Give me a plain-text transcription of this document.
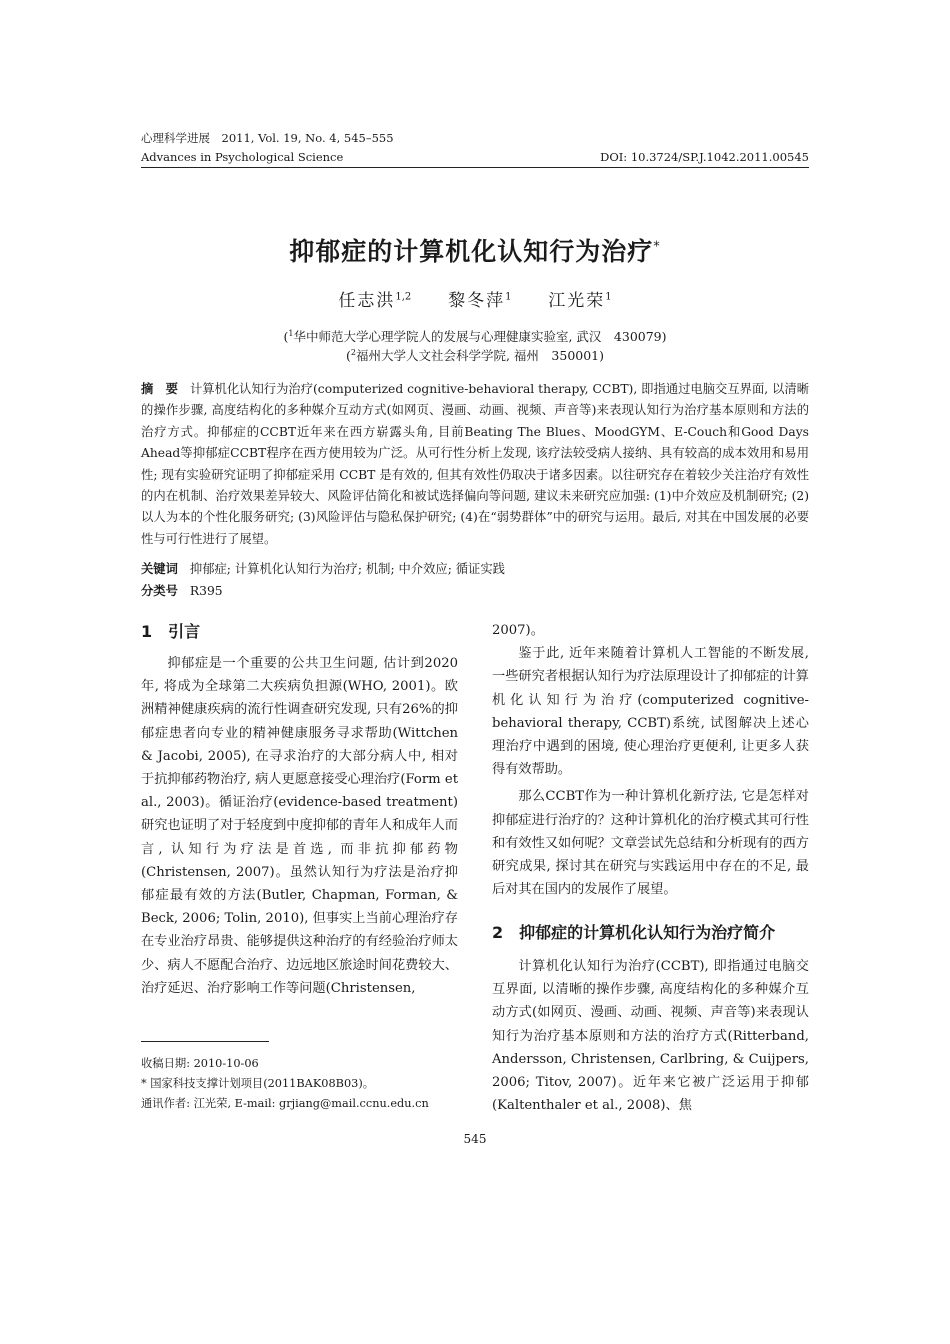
心理科学进展　2011, Vol. 19, No. 4, 545–555
Advances in Psychological Science	DOI: 10.3724/SP.J.1042.2011.00545
抑郁症的计算机化认知行为治疗*
任志洪$^{1,2}$ 黎冬萍$^1$ 江光荣$^1$
($^1$华中师范大学心理学院人的发展与心理健康实验室, 武汉　430079)
($^2$福州大学人文社会科学学院, 福州　350001)
摘　要 计算机化认知行为治疗(computerized cognitive-behavioral therapy, CCBT), 即指通过电脑交互界面, 以清晰的操作步骤, 高度结构化的多种媒介互动方式(如网页、漫画、动画、视频、声音等)来表现认知行为治疗基本原则和方法的治疗方式。抑郁症的CCBT近年来在西方崭露头角, 目前Beating The Blues、MoodGYM、E-Couch和Good Days Ahead等抑郁症CCBT程序在西方使用较为广泛。从可行性分析上发现, 该疗法较受病人接纳、具有较高的成本效用和易用性; 现有实验研究证明了抑郁症采用 CCBT 是有效的, 但其有效性仍取决于诸多因素。以往研究存在着较少关注治疗有效性的内在机制、治疗效果差异较大、风险评估简化和被试选择偏向等问题, 建议未来研究应加强: (1)中介效应及机制研究; (2)以人为本的个性化服务研究; (3)风险评估与隐私保护研究; (4)在“弱势群体”中的研究与运用。最后, 对其在中国发展的必要性与可行性进行了展望。
关键词 抑郁症; 计算机化认知行为治疗; 机制; 中介效应; 循证实践
分类号 R395
1 引言

抑郁症是一个重要的公共卫生问题, 估计到2020年, 将成为全球第二大疾病负担源(WHO, 2001)。欧洲精神健康疾病的流行性调查研究发现, 只有26%的抑郁症患者向专业的精神健康服务寻求帮助(Wittchen & Jacobi, 2005), 在寻求治疗的大部分病人中, 相对于抗抑郁药物治疗, 病人更愿意接受心理治疗(Form et al., 2003)。循证治疗(evidence-based treatment)研究也证明了对于轻度到中度抑郁的青年人和成年人而言, 认知行为疗法是首选, 而非抗抑郁药物(Christensen, 2007)。虽然认知行为疗法是治疗抑郁症最有效的方法(Butler, Chapman, Forman, & Beck, 2006; Tolin, 2010), 但事实上当前心理治疗存在专业治疗昂贵、能够提供这种治疗的有经验治疗师太少、病人不愿配合治疗、边远地区旅途时间花费较大、治疗延迟、治疗影响工作等问题(Christensen,

2007)。

鉴于此, 近年来随着计算机人工智能的不断发展, 一些研究者根据认知行为疗法原理设计了抑郁症的计算机化认知行为治疗(computerized cognitive-behavioral therapy, CCBT)系统, 试图解决上述心理治疗中遇到的困境, 使心理治疗更便利, 让更多人获得有效帮助。

那么CCBT作为一种计算机化新疗法, 它是怎样对抑郁症进行治疗的？这种计算机化的治疗模式其可行性和有效性又如何呢？文章尝试先总结和分析现有的西方研究成果, 探讨其在研究与实践运用中存在的不足, 最后对其在国内的发展作了展望。

2 抑郁症的计算机化认知行为治疗简介

计算机化认知行为治疗(CCBT), 即指通过电脑交互界面, 以清晰的操作步骤, 高度结构化的多种媒介互动方式(如网页、漫画、动画、视频、声音等)来表现认知行为治疗基本原则和方法的治疗方式(Ritterband, Andersson, Christensen, Carlbring, & Cuijpers, 2006; Titov, 2007)。近年来它被广泛运用于抑郁(Kaltenthaler et al., 2008)、焦

收稿日期: 2010-10-06
* 国家科技支撑计划项目(2011BAK08B03)。
通讯作者: 江光荣, E-mail: grjiang@mail.ccnu.edu.cn
545
